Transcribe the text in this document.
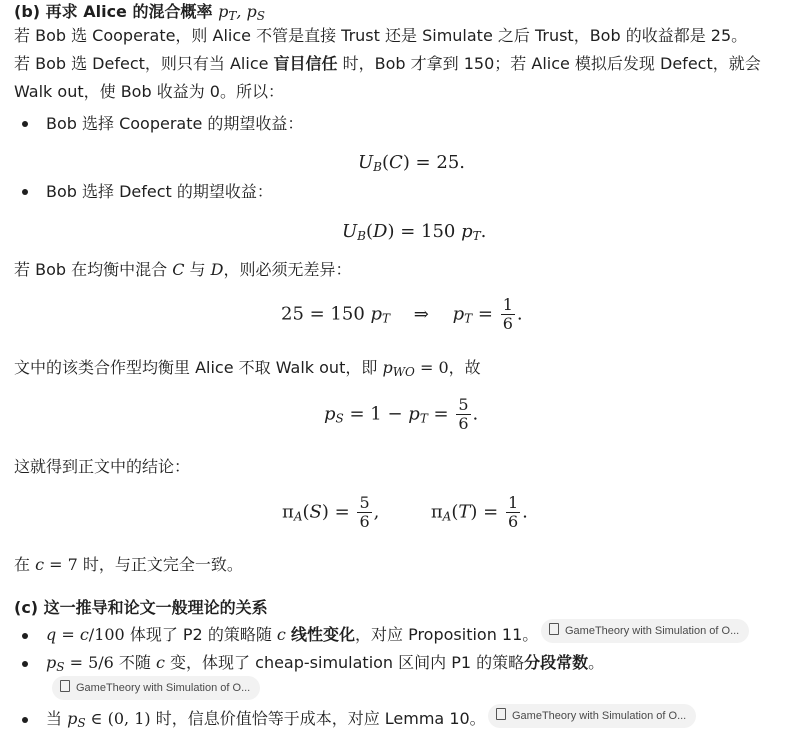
(b) 再求 Alice 的混合概率 $p_T$, $p_S$
若 Bob 选 Cooperate，则 Alice 不管是直接 Trust 还是 Simulate 之后 Trust，Bob 的收益都是 25。
若 Bob 选 Defect，则只有当 Alice 盲目信任 时，Bob 才拿到 150；若 Alice 模拟后发现 Defect，就会
Walk out，使 Bob 收益为 0。所以：
Bob 选择 Cooperate 的期望收益：
$U_B(C) = 25$.
Bob 选择 Defect 的期望收益：
$U_B(D) = 150$ $p_T$.
若 Bob 在均衡中混合 C 与 D，则必须无差异：
25 = 150 $p_T$ ⇒ $p_T = \frac{1}{6}$ .
文中的该类合作型均衡里 Alice 不取 Walk out，即 $p_{WO} = 0$，故
$p_S = 1 - p_T = \frac{5}{6}$ .
这就得到正文中的结论：
$\pi_A(S) = \frac{5}{6}$ ,  $\pi_A(T) = \frac{1}{6}$ .
在 c = 7 时，与正文完全一致。
(c) 这一推导和论文一般理论的关系
q = c/100 体现了 P2 的策略随 c 线性变化，对应 Proposition 11。	GameTheory with Simulation of O...
$p_S = 5/6$ 不随 c 变，体现了 cheap-simulation 区间内 P1 的策略分段常数。
GameTheory with Simulation of O...
当 $p_S$ ∈ (0, 1) 时，信息价值恰等于成本，对应 Lemma 10。	GameTheory with Simulation of O...
